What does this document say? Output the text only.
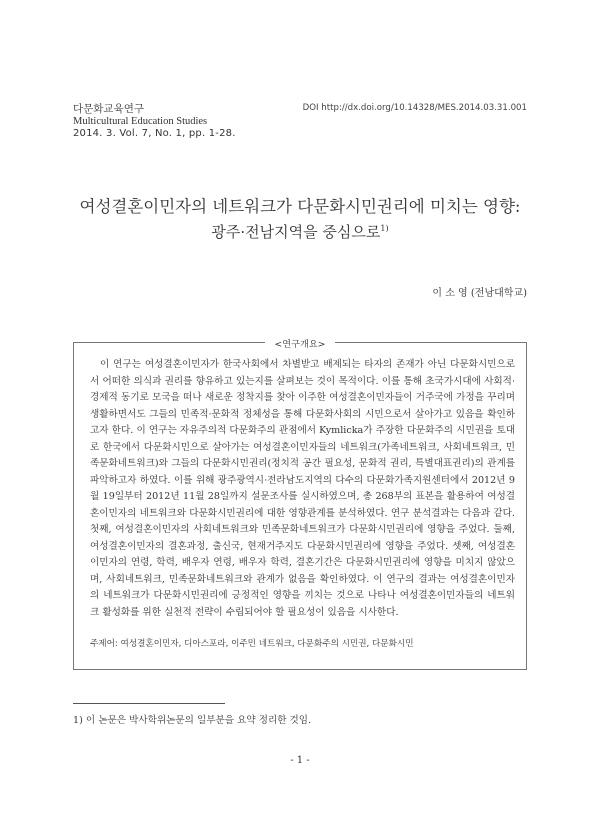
다문화교육연구
Multicultural Education Studies
2014. 3. Vol. 7, No. 1, pp. 1-28.
DOI http://dx.doi.org/10.14328/MES.2014.03.31.001
여성결혼이민자의 네트워크가 다문화시민권리에 미치는 영향:
광주·전남지역을 중심으로$^{1)}$
이 소 영 (전남대학교)
<연구개요>

이 연구는 여성결혼이민자가 한국사회에서 차별받고 배제되는 타자의 존재가 아닌 다문화시민으로서 어떠한 의식과 권리를 향유하고 있는지를 살펴보는 것이 목적이다. 이를 통해 초국가시대에 사회적·경제적 동기로 모국을 떠나 새로운 정착지를 찾아 이주한 여성결혼이민자들이 거주국에 가정을 꾸리며 생활하면서도 그들의 민족적·문화적 정체성을 통해 다문화사회의 시민으로서 살아가고 있음을 확인하고자 한다. 이 연구는 자유주의적 다문화주의 관점에서 Kymlicka가 주장한 다문화주의 시민권을 토대로 한국에서 다문화시민으로 살아가는 여성결혼이민자들의 네트워크(가족네트워크, 사회네트워크, 민족문화네트워크)와 그들의 다문화시민권리(정치적 공간 필요성, 문화적 권리, 특별대표권리)의 관계를 파악하고자 하였다. 이를 위해 광주광역시·전라남도지역의 다수의 다문화가족지원센터에서 2012년 9월 19일부터 2012년 11월 28일까지 설문조사를 실시하였으며, 총 268부의 표본을 활용하여 여성결혼이민자의 네트워크와 다문화시민권리에 대한 영향관계를 분석하였다. 연구 분석결과는 다음과 같다. 첫째, 여성결혼이민자의 사회네트워크와 민족문화네트워크가 다문화시민권리에 영향을 주었다. 둘째, 여성결혼이민자의 결혼과정, 출신국, 현재거주지도 다문화시민권리에 영향을 주었다. 셋째, 여성결혼이민자의 연령, 학력, 배우자 연령, 배우자 학력, 결혼기간은 다문화시민권리에 영향을 미치지 않았으며, 사회네트워크, 민족문화네트워크와 관계가 없음을 확인하였다. 이 연구의 결과는 여성결혼이민자의 네트워크가 다문화시민권리에 긍정적인 영향을 끼치는 것으로 나타나 여성결혼이민자들의 네트워크 활성화를 위한 실천적 전략이 수립되어야 할 필요성이 있음을 시사한다.

주제어: 여성결혼이민자, 디아스포라, 이주민 네트워크, 다문화주의 시민권, 다문화시민
1) 이 논문은 박사학위논문의 일부분을 요약 정리한 것임.
- 1 -
